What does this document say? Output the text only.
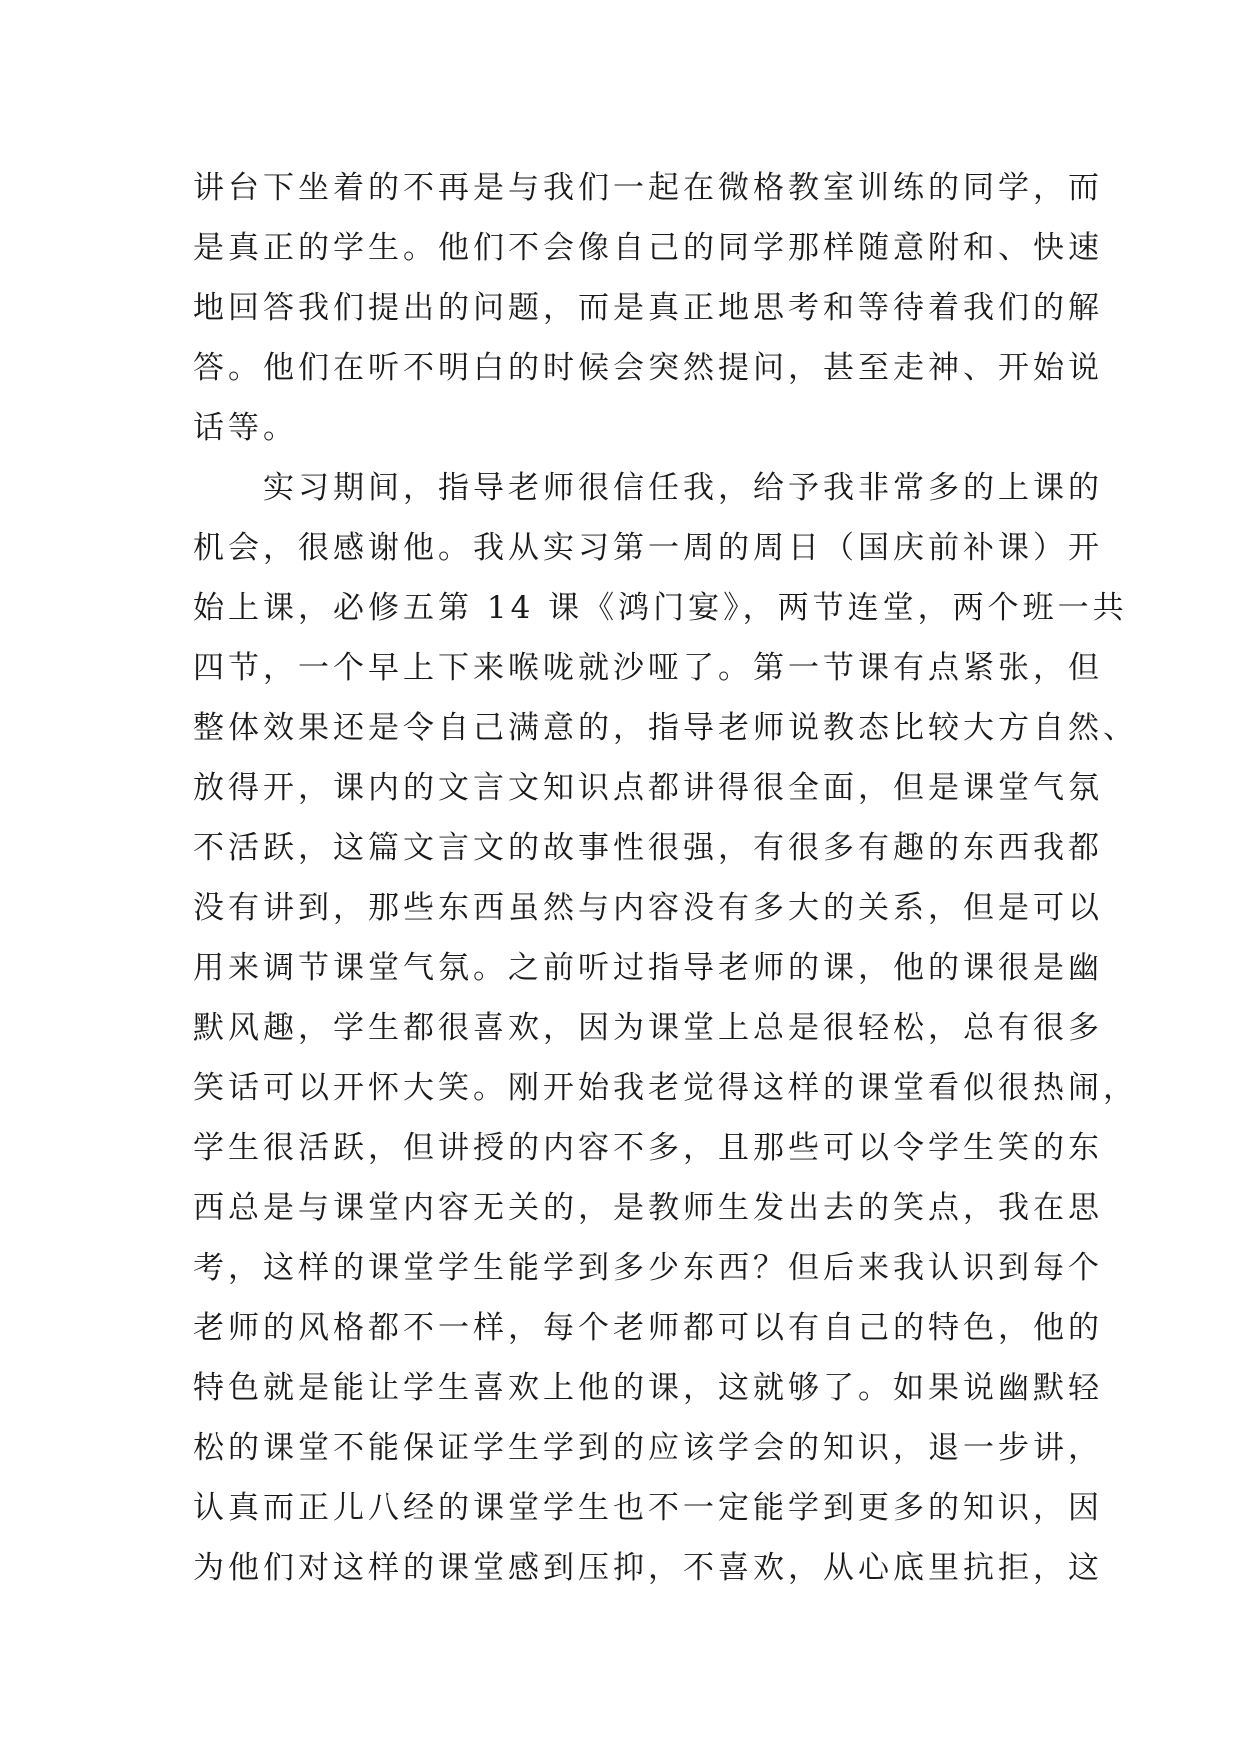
讲台下坐着的不再是与我们一起在微格教室训练的同学，而
是真正的学生。他们不会像自己的同学那样随意附和、快速
地回答我们提出的问题，而是真正地思考和等待着我们的解
答。他们在听不明白的时候会突然提问，甚至走神、开始说
话等。
　　实习期间，指导老师很信任我，给予我非常多的上课的
机会，很感谢他。我从实习第一周的周日（国庆前补课）开
始上课，必修五第 14 课《鸿门宴》，两节连堂，两个班一共
四节，一个早上下来喉咙就沙哑了。第一节课有点紧张，但
整体效果还是令自己满意的，指导老师说教态比较大方自然、
放得开，课内的文言文知识点都讲得很全面，但是课堂气氛
不活跃，这篇文言文的故事性很强，有很多有趣的东西我都
没有讲到，那些东西虽然与内容没有多大的关系，但是可以
用来调节课堂气氛。之前听过指导老师的课，他的课很是幽
默风趣，学生都很喜欢，因为课堂上总是很轻松，总有很多
笑话可以开怀大笑。刚开始我老觉得这样的课堂看似很热闹，
学生很活跃，但讲授的内容不多，且那些可以令学生笑的东
西总是与课堂内容无关的，是教师生发出去的笑点，我在思
考，这样的课堂学生能学到多少东西？但后来我认识到每个
老师的风格都不一样，每个老师都可以有自己的特色，他的
特色就是能让学生喜欢上他的课，这就够了。如果说幽默轻
松的课堂不能保证学生学到的应该学会的知识，退一步讲，
认真而正儿八经的课堂学生也不一定能学到更多的知识，因
为他们对这样的课堂感到压抑，不喜欢，从心底里抗拒，这
